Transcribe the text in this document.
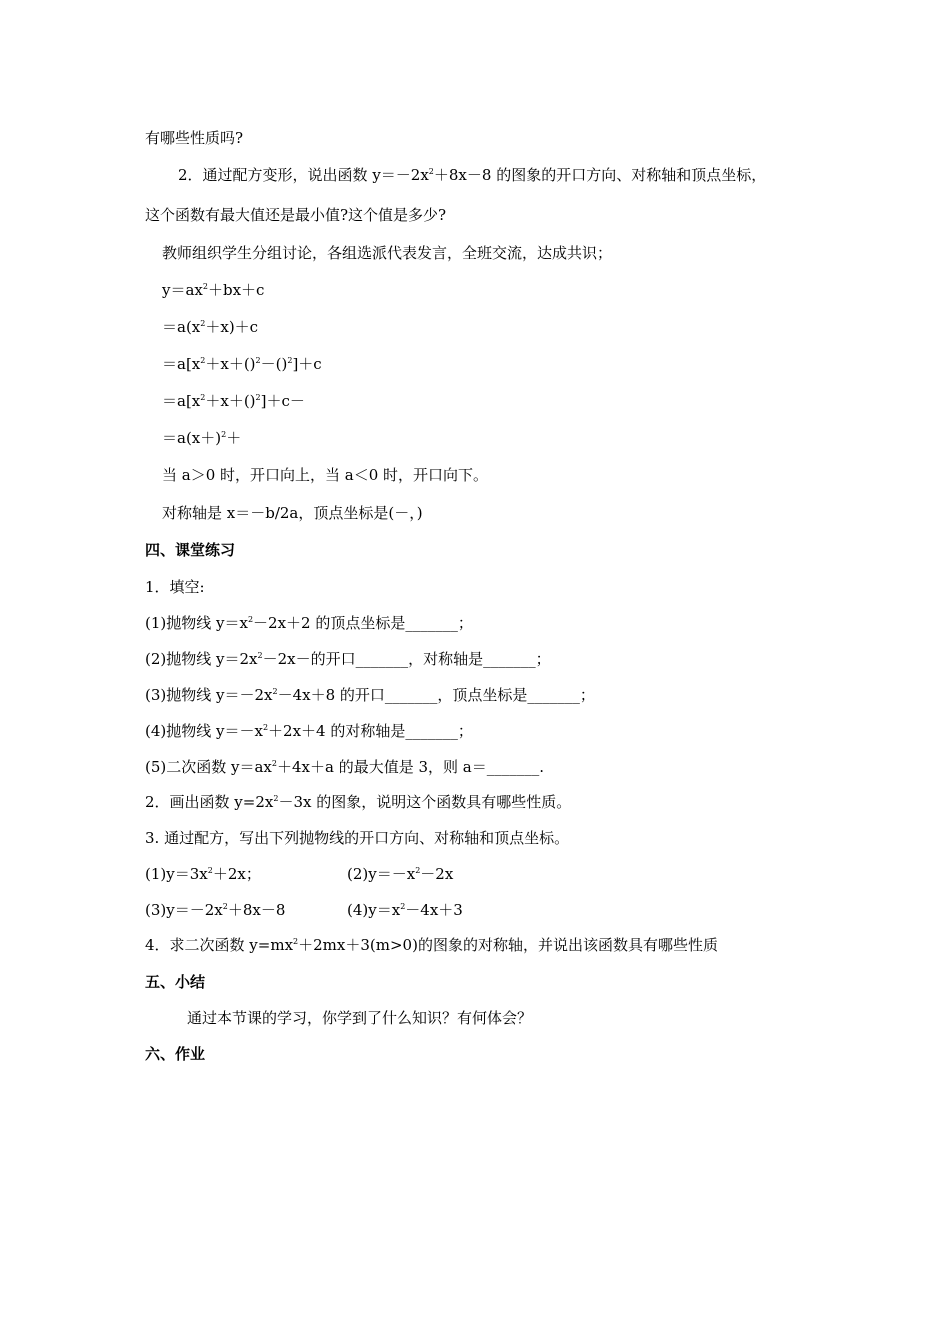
有哪些性质吗?
2．通过配方变形，说出函数 $y=-2x^2+8x-8$ 的图象的开口方向、对称轴和顶点坐标，
这个函数有最大值还是最小值?这个值是多少?
教师组织学生分组讨论，各组选派代表发言，全班交流，达成共识；
$y=ax^2+bx+c$
$=a(x^2+x)+c$
$=a[x^2+x+()^2-()^2]+c$
$=a[x^2+x+()^2]+c-$
$=a(x+)^2+$
当 a＞0 时，开口向上，当 a＜0 时，开口向下。
对称轴是 x＝－b/2a，顶点坐标是(－，)
四、课堂练习
1．填空:
(1)抛物线 $y=x^2-2x+2$ 的顶点坐标是_______；
(2)抛物线 $y=2x^2-2x-$的开口_______，对称轴是_______；
(3)抛物线 $y=-2x^2-4x+8$ 的开口_______，顶点坐标是_______；
(4)抛物线 $y=-x^2+2x+4$ 的对称轴是_______；
(5)二次函数 $y=ax^2+4x+a$ 的最大值是 3，则 a＝_______.
2．画出函数 $y=2x^2-3x$ 的图象，说明这个函数具有哪些性质。
3. 通过配方，写出下列抛物线的开口方向、对称轴和顶点坐标。
$(1)y=3x^2+2x$；	$(2)y=-x^2-2x$
$(3)y=-2x^2+8x-8$	$(4)y=x^2-4x+3$
4．求二次函数 $y=mx^2+2mx+3(m>0)$的图象的对称轴，并说出该函数具有哪些性质
五、小结
通过本节课的学习，你学到了什么知识？有何体会？
六、作业
